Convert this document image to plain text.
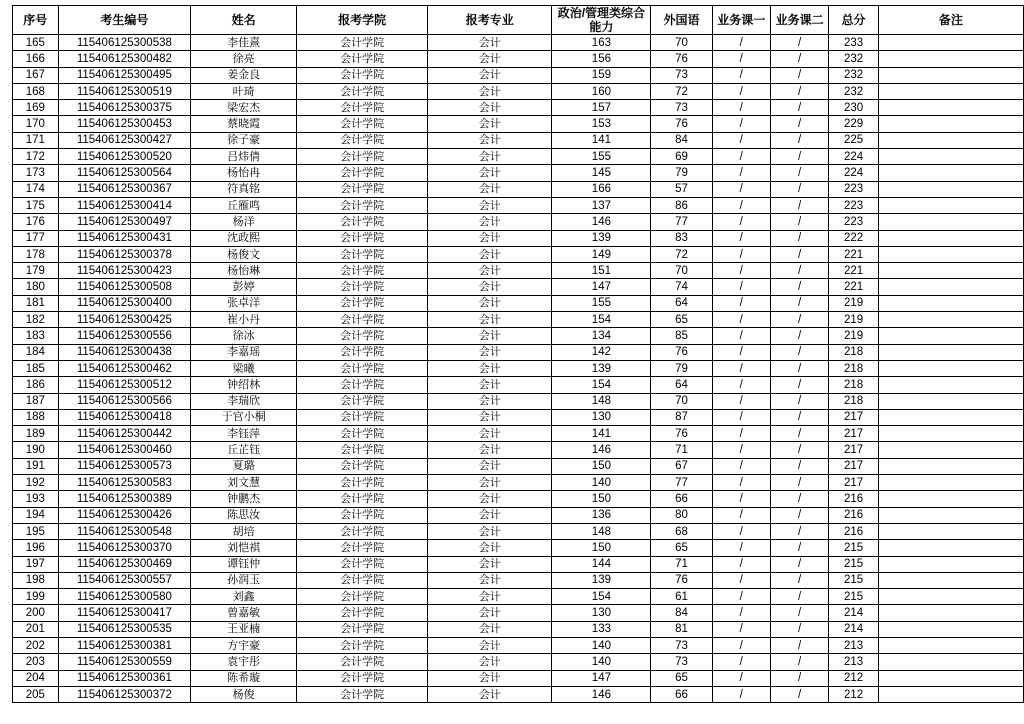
序号	考生编号	姓名	报考学院	报考专业	政治/管理类综合能力	外国语	业务课一	业务课二	总分	备注
165	115406125300538	李佳熹	会计学院	会计	163	70	/	/	233	
166	115406125300482	徐亮	会计学院	会计	156	76	/	/	232	
167	115406125300495	姜金良	会计学院	会计	159	73	/	/	232	
168	115406125300519	叶琦	会计学院	会计	160	72	/	/	232	
169	115406125300375	梁宏杰	会计学院	会计	157	73	/	/	230	
170	115406125300453	蔡晓霞	会计学院	会计	153	76	/	/	229	
171	115406125300427	徐子豪	会计学院	会计	141	84	/	/	225	
172	115406125300520	吕炜倩	会计学院	会计	155	69	/	/	224	
173	115406125300564	杨怡冉	会计学院	会计	145	79	/	/	224	
174	115406125300367	符真铭	会计学院	会计	166	57	/	/	223	
175	115406125300414	丘雁鸣	会计学院	会计	137	86	/	/	223	
176	115406125300497	杨洋	会计学院	会计	146	77	/	/	223	
177	115406125300431	沈政熙	会计学院	会计	139	83	/	/	222	
178	115406125300378	杨俊文	会计学院	会计	149	72	/	/	221	
179	115406125300423	杨怡琳	会计学院	会计	151	70	/	/	221	
180	115406125300508	彭婷	会计学院	会计	147	74	/	/	221	
181	115406125300400	张卓洋	会计学院	会计	155	64	/	/	219	
182	115406125300425	崔小丹	会计学院	会计	154	65	/	/	219	
183	115406125300556	徐冰	会计学院	会计	134	85	/	/	219	
184	115406125300438	李嘉瑶	会计学院	会计	142	76	/	/	218	
185	115406125300462	梁曦	会计学院	会计	139	79	/	/	218	
186	115406125300512	钟绍林	会计学院	会计	154	64	/	/	218	
187	115406125300566	李瑞欣	会计学院	会计	148	70	/	/	218	
188	115406125300418	于官小桐	会计学院	会计	130	87	/	/	217	
189	115406125300442	李钰萍	会计学院	会计	141	76	/	/	217	
190	115406125300460	丘芷钰	会计学院	会计	146	71	/	/	217	
191	115406125300573	夏璐	会计学院	会计	150	67	/	/	217	
192	115406125300583	刘文慧	会计学院	会计	140	77	/	/	217	
193	115406125300389	钟鹏杰	会计学院	会计	150	66	/	/	216	
194	115406125300426	陈思汝	会计学院	会计	136	80	/	/	216	
195	115406125300548	胡培	会计学院	会计	148	68	/	/	216	
196	115406125300370	刘恺祺	会计学院	会计	150	65	/	/	215	
197	115406125300469	谭钰仲	会计学院	会计	144	71	/	/	215	
198	115406125300557	孙润玉	会计学院	会计	139	76	/	/	215	
199	115406125300580	刘鑫	会计学院	会计	154	61	/	/	215	
200	115406125300417	曾嘉敏	会计学院	会计	130	84	/	/	214	
201	115406125300535	王亚楠	会计学院	会计	133	81	/	/	214	
202	115406125300381	方宇豪	会计学院	会计	140	73	/	/	213	
203	115406125300559	袁宇彤	会计学院	会计	140	73	/	/	213	
204	115406125300361	陈希璇	会计学院	会计	147	65	/	/	212	
205	115406125300372	杨俊	会计学院	会计	146	66	/	/	212	
